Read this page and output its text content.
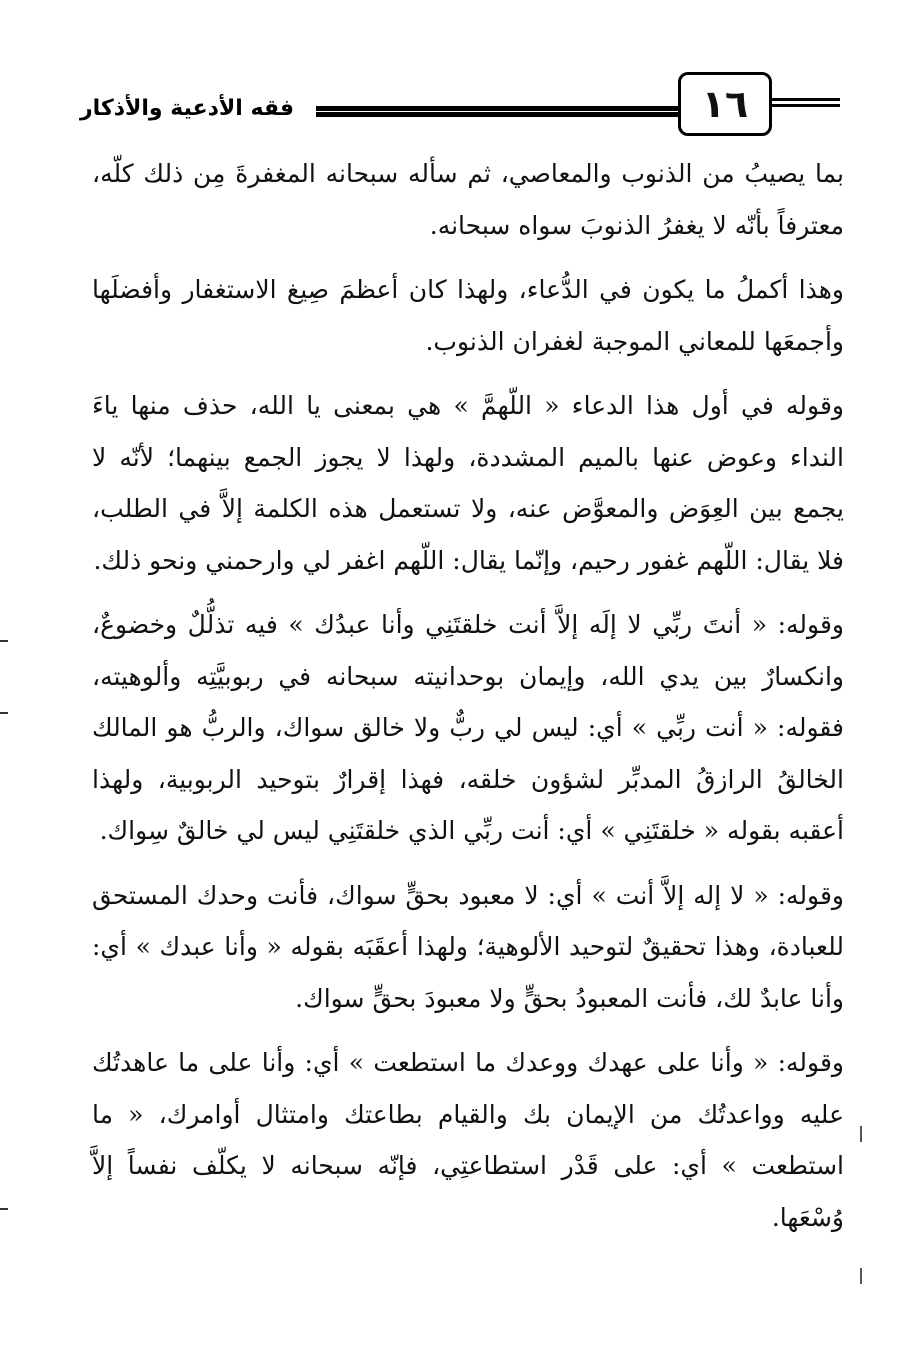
فقه الأدعية والأذكار	١٦

بما يصيبُ من الذنوب والمعاصي، ثم سأله سبحانه المغفرةَ مِن ذلك كلّه، معترفاً بأنّه لا يغفرُ الذنوبَ سواه سبحانه.

وهذا أكملُ ما يكون في الدُّعاء، ولهذا كان أعظمَ صِيغ الاستغفار وأفضلَها وأجمعَها للمعاني الموجبة لغفران الذنوب.

وقوله في أول هذا الدعاء « اللّهمَّ » هي بمعنى يا الله، حذف منها ياءَ النداء وعوض عنها بالميم المشددة، ولهذا لا يجوز الجمع بينهما؛ لأنّه لا يجمع بين العِوَض والمعوَّض عنه، ولا تستعمل هذه الكلمة إلاَّ في الطلب، فلا يقال: اللّهم غفور رحيم، وإنّما يقال: اللّهم اغفر لي وارحمني ونحو ذلك.

وقوله: « أنتَ ربِّي لا إلَه إلاَّ أنت خلقتَنِي وأنا عبدُك » فيه تذلُّلٌ وخضوعٌ، وانكسارٌ بين يدي الله، وإيمان بوحدانيته سبحانه في ربوبيَّتِه وألوهيته، فقوله: « أنت ربِّي » أي: ليس لي ربٌّ ولا خالق سواك، والربُّ هو المالك الخالقُ الرازقُ المدبِّر لشؤون خلقه، فهذا إقرارٌ بتوحيد الربوبية، ولهذا أعقبه بقوله « خلقتَنِي » أي: أنت ربِّي الذي خلقتَنِي ليس لي خالقٌ سِواك.

وقوله: « لا إله إلاَّ أنت » أي: لا معبود بحقٍّ سواك، فأنت وحدك المستحق للعبادة، وهذا تحقيقٌ لتوحيد الألوهية؛ ولهذا أعقَبَه بقوله « وأنا عبدك » أي: وأنا عابدٌ لك، فأنت المعبودُ بحقٍّ ولا معبودَ بحقٍّ سواك.

وقوله: « وأنا على عهدك ووعدك ما استطعت » أي: وأنا على ما عاهدتُك عليه وواعدتُك من الإيمان بك والقيام بطاعتك وامتثال أوامرك، « ما استطعت » أي: على قَدْر استطاعتِي، فإنّه سبحانه لا يكلّف نفساً إلاَّ وُسْعَها.
